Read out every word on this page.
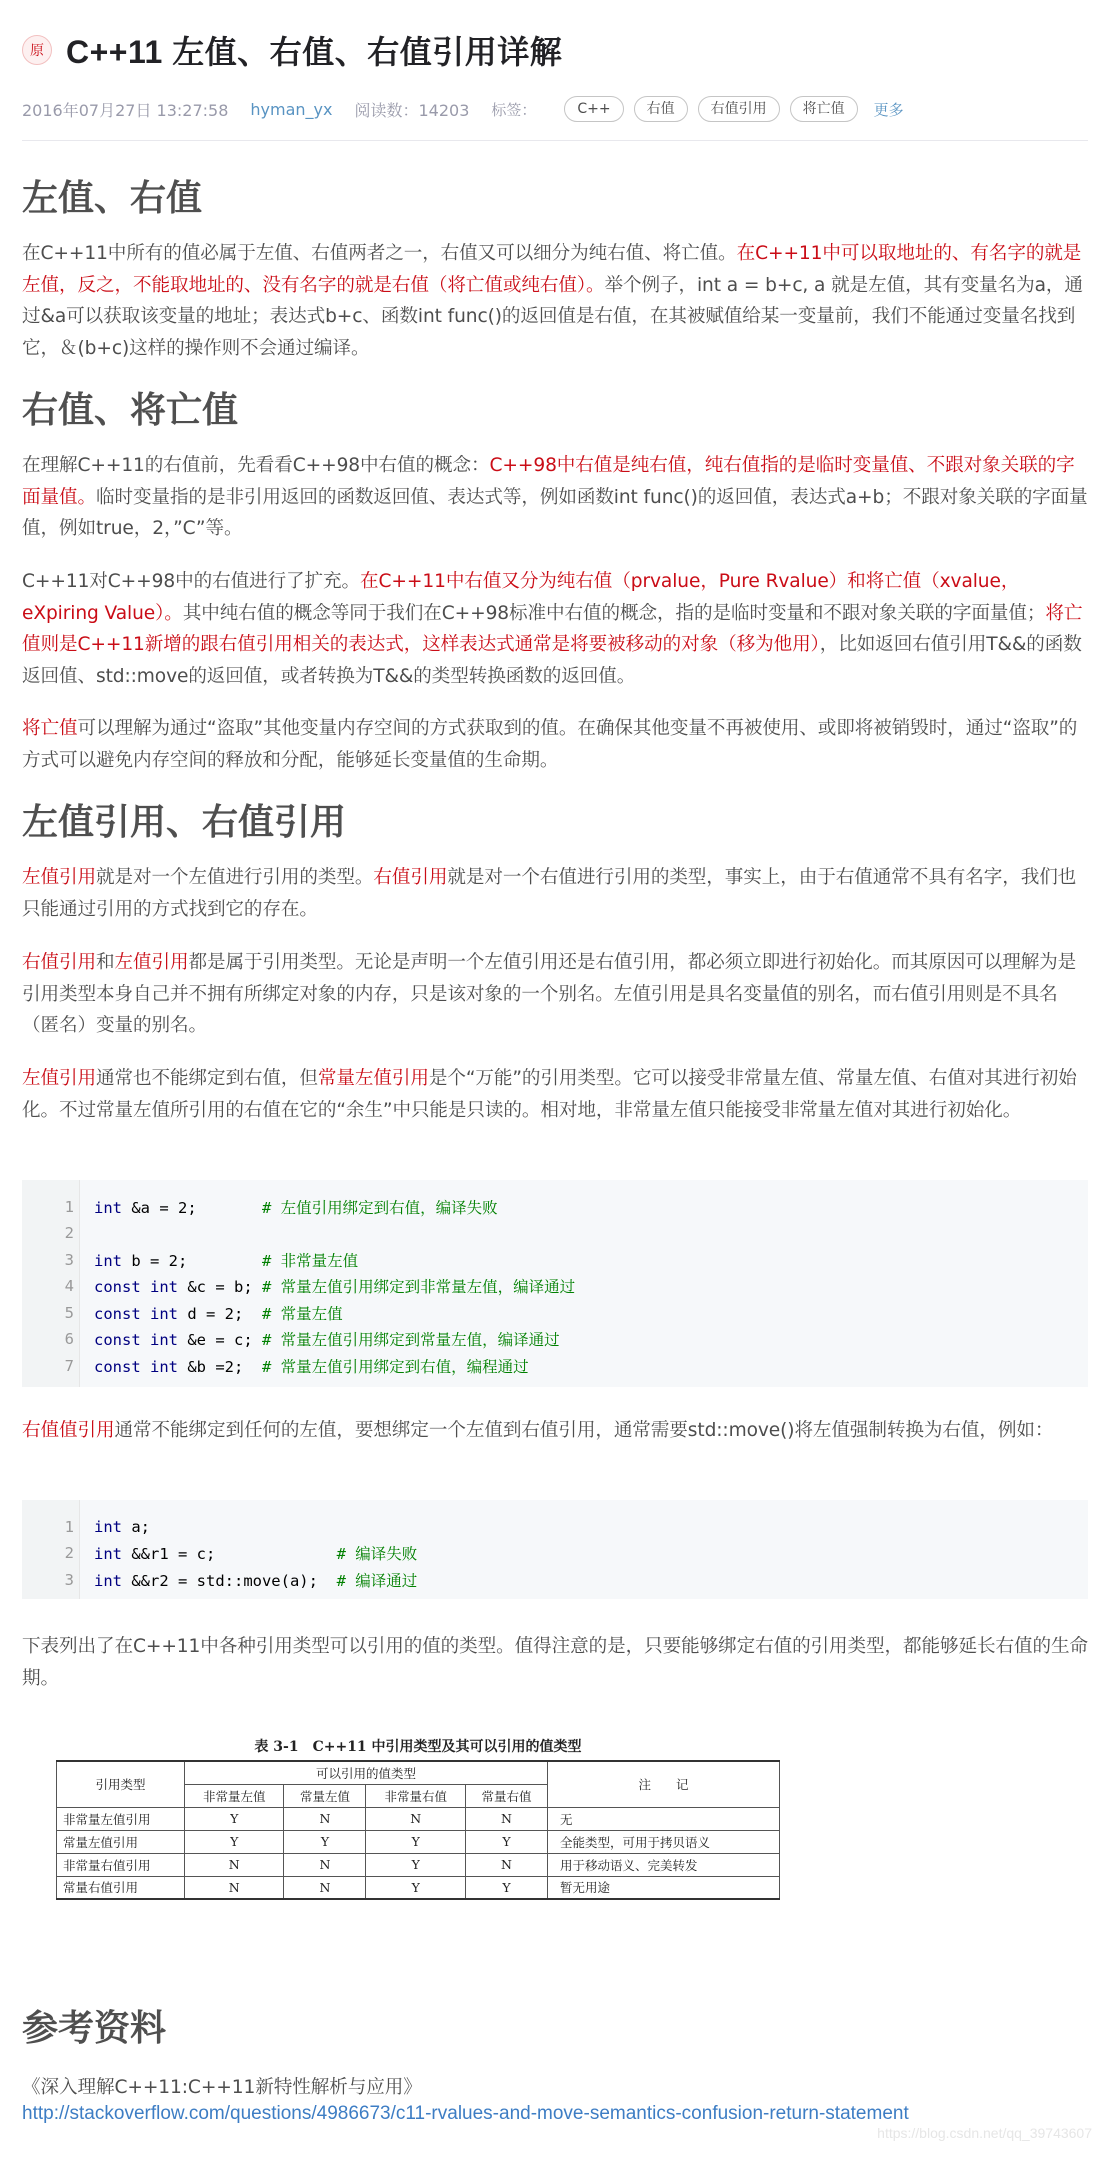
原 C++11 左值、右值、右值引用详解
2016年07月27日 13:27:58 hyman_yx 阅读数：14203 标签：	C++	右值	右值引用	将亡值	更多
左值、右值
在C++11中所有的值必属于左值、右值两者之一，右值又可以细分为纯右值、将亡值。在C++11中可以取地址的、有名字的就是左值，反之，不能取地址的、没有名字的就是右值（将亡值或纯右值）。举个例子，int a = b+c, a 就是左值，其有变量名为a，通过&a可以获取该变量的地址；表达式b+c、函数int func()的返回值是右值，在其被赋值给某一变量前，我们不能通过变量名找到它，＆(b+c)这样的操作则不会通过编译。
右值、将亡值
在理解C++11的右值前，先看看C++98中右值的概念：C++98中右值是纯右值，纯右值指的是临时变量值、不跟对象关联的字面量值。临时变量指的是非引用返回的函数返回值、表达式等，例如函数int func()的返回值，表达式a+b；不跟对象关联的字面量值，例如true，2，”C”等。
C++11对C++98中的右值进行了扩充。在C++11中右值又分为纯右值（prvalue，Pure Rvalue）和将亡值（xvalue，eXpiring Value）。其中纯右值的概念等同于我们在C++98标准中右值的概念，指的是临时变量和不跟对象关联的字面量值；将亡值则是C++11新增的跟右值引用相关的表达式，这样表达式通常是将要被移动的对象（移为他用），比如返回右值引用T&&的函数返回值、std::move的返回值，或者转换为T&&的类型转换函数的返回值。
将亡值可以理解为通过“盗取”其他变量内存空间的方式获取到的值。在确保其他变量不再被使用、或即将被销毁时，通过“盗取”的方式可以避免内存空间的释放和分配，能够延长变量值的生命期。
左值引用、右值引用
左值引用就是对一个左值进行引用的类型。右值引用就是对一个右值进行引用的类型，事实上，由于右值通常不具有名字，我们也只能通过引用的方式找到它的存在。
右值引用和左值引用都是属于引用类型。无论是声明一个左值引用还是右值引用，都必须立即进行初始化。而其原因可以理解为是引用类型本身自己并不拥有所绑定对象的内存，只是该对象的一个别名。左值引用是具名变量值的别名，而右值引用则是不具名（匿名）变量的别名。
左值引用通常也不能绑定到右值，但常量左值引用是个“万能”的引用类型。它可以接受非常量左值、常量左值、右值对其进行初始化。不过常量左值所引用的右值在它的“余生”中只能是只读的。相对地，非常量左值只能接受非常量左值对其进行初始化。
1 int &a = 2;       # 左值引用绑定到右值，编译失败
2
3 int b = 2;        # 非常量左值
4 const int &c = b; # 常量左值引用绑定到非常量左值，编译通过
5 const int d = 2;  # 常量左值
6 const int &e = c; # 常量左值引用绑定到常量左值，编译通过
7 const int &b =2;  # 常量左值引用绑定到右值，编程通过
右值值引用通常不能绑定到任何的左值，要想绑定一个左值到右值引用，通常需要std::move()将左值强制转换为右值，例如：
1 int a;
2 int &&r1 = c;             # 编译失败
3 int &&r2 = std::move(a);  # 编译通过
下表列出了在C++11中各种引用类型可以引用的值的类型。值得注意的是，只要能够绑定右值的引用类型，都能够延长右值的生命期。
表 3-1　C++11 中引用类型及其可以引用的值类型
引用类型	可以引用的值类型				注　　记
	非常量左值	常量左值	非常量右值	常量右值	
非常量左值引用	Y	N	N	N	无
常量左值引用	Y	Y	Y	Y	全能类型，可用于拷贝语义
非常量右值引用	N	N	Y	N	用于移动语义、完美转发
常量右值引用	N	N	Y	Y	暂无用途
参考资料
《深入理解C++11:C++11新特性解析与应用》
http://stackoverflow.com/questions/4986673/c11-rvalues-and-move-semantics-confusion-return-statement
https://blog.csdn.net/qq_39743607
